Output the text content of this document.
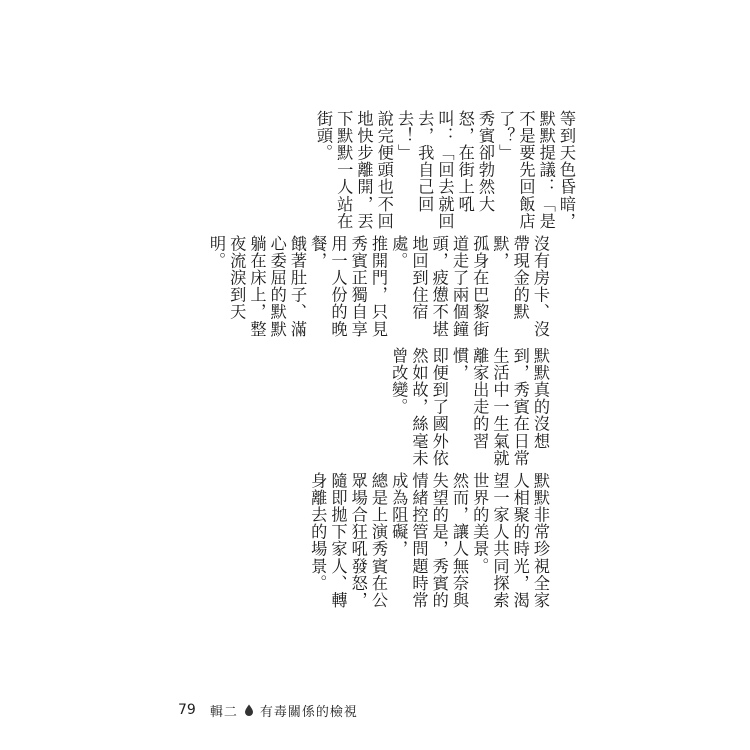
等到天色昏暗，默默提議：「是不是要先回飯店了？」
秀賓卻勃然大怒，在街上吼叫：「回去就回去，我自己回去！」
說完便頭也不回地快步離開，丟下默默一人站在街頭。

沒有房卡、沒帶現金的默默，
孤身在巴黎街道走了兩個鐘頭，疲憊不堪地回到住宿處。
推開門，只見秀賓正獨自享用一人份的晚餐，
餓著肚子、滿心委屈的默默躺在床上，整夜流淚到天明。

默默真的沒想到，秀賓在日常生活中一生氣就離家出走的習慣，
即便到了國外依然如故，絲毫未曾改變。

默默非常珍視全家人相聚的時光，渴望一家人共同探索世界的美景。
然而，讓人無奈與失望的是，秀賓的情緒控管問題時常成為阻礙，
總是上演秀賓在公眾場合狂吼發怒，隨即拋下家人、轉身離去的場景。

79 輯二 有毒關係的檢視
